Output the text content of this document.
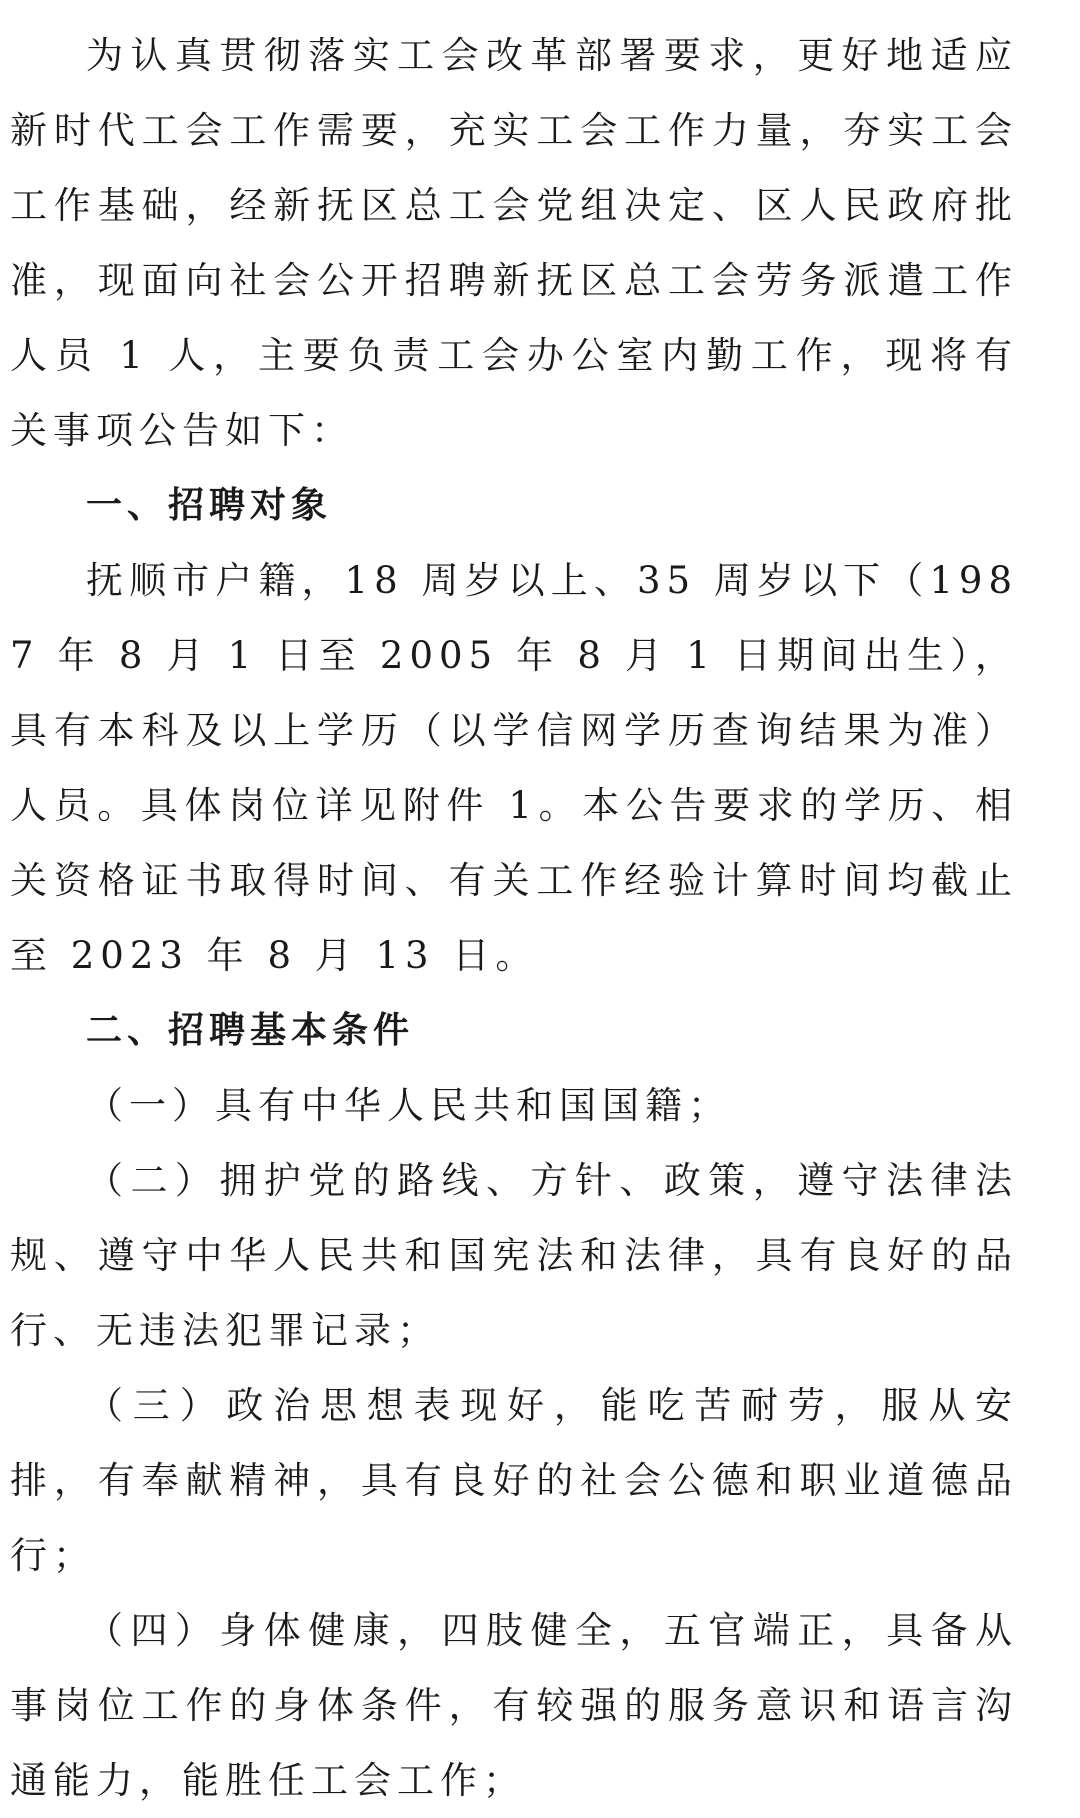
为认真贯彻落实工会改革部署要求，更好地适应新时代工会工作需要，充实工会工作力量，夯实工会工作基础，经新抚区总工会党组决定、区人民政府批准，现面向社会公开招聘新抚区总工会劳务派遣工作人员 1 人，主要负责工会办公室内勤工作，现将有关事项公告如下：

一、招聘对象

抚顺市户籍，18 周岁以上、35 周岁以下（1987 年 8 月 1 日至 2005 年 8 月 1 日期间出生），具有本科及以上学历（以学信网学历查询结果为准）人员。具体岗位详见附件 1。本公告要求的学历、相关资格证书取得时间、有关工作经验计算时间均截止至 2023 年 8 月 13 日。

二、招聘基本条件

（一）具有中华人民共和国国籍；

（二）拥护党的路线、方针、政策，遵守法律法规、遵守中华人民共和国宪法和法律，具有良好的品行、无违法犯罪记录；

（三）政治思想表现好，能吃苦耐劳，服从安排，有奉献精神，具有良好的社会公德和职业道德品行；

（四）身体健康，四肢健全，五官端正，具备从事岗位工作的身体条件，有较强的服务意识和语言沟通能力，能胜任工会工作；
